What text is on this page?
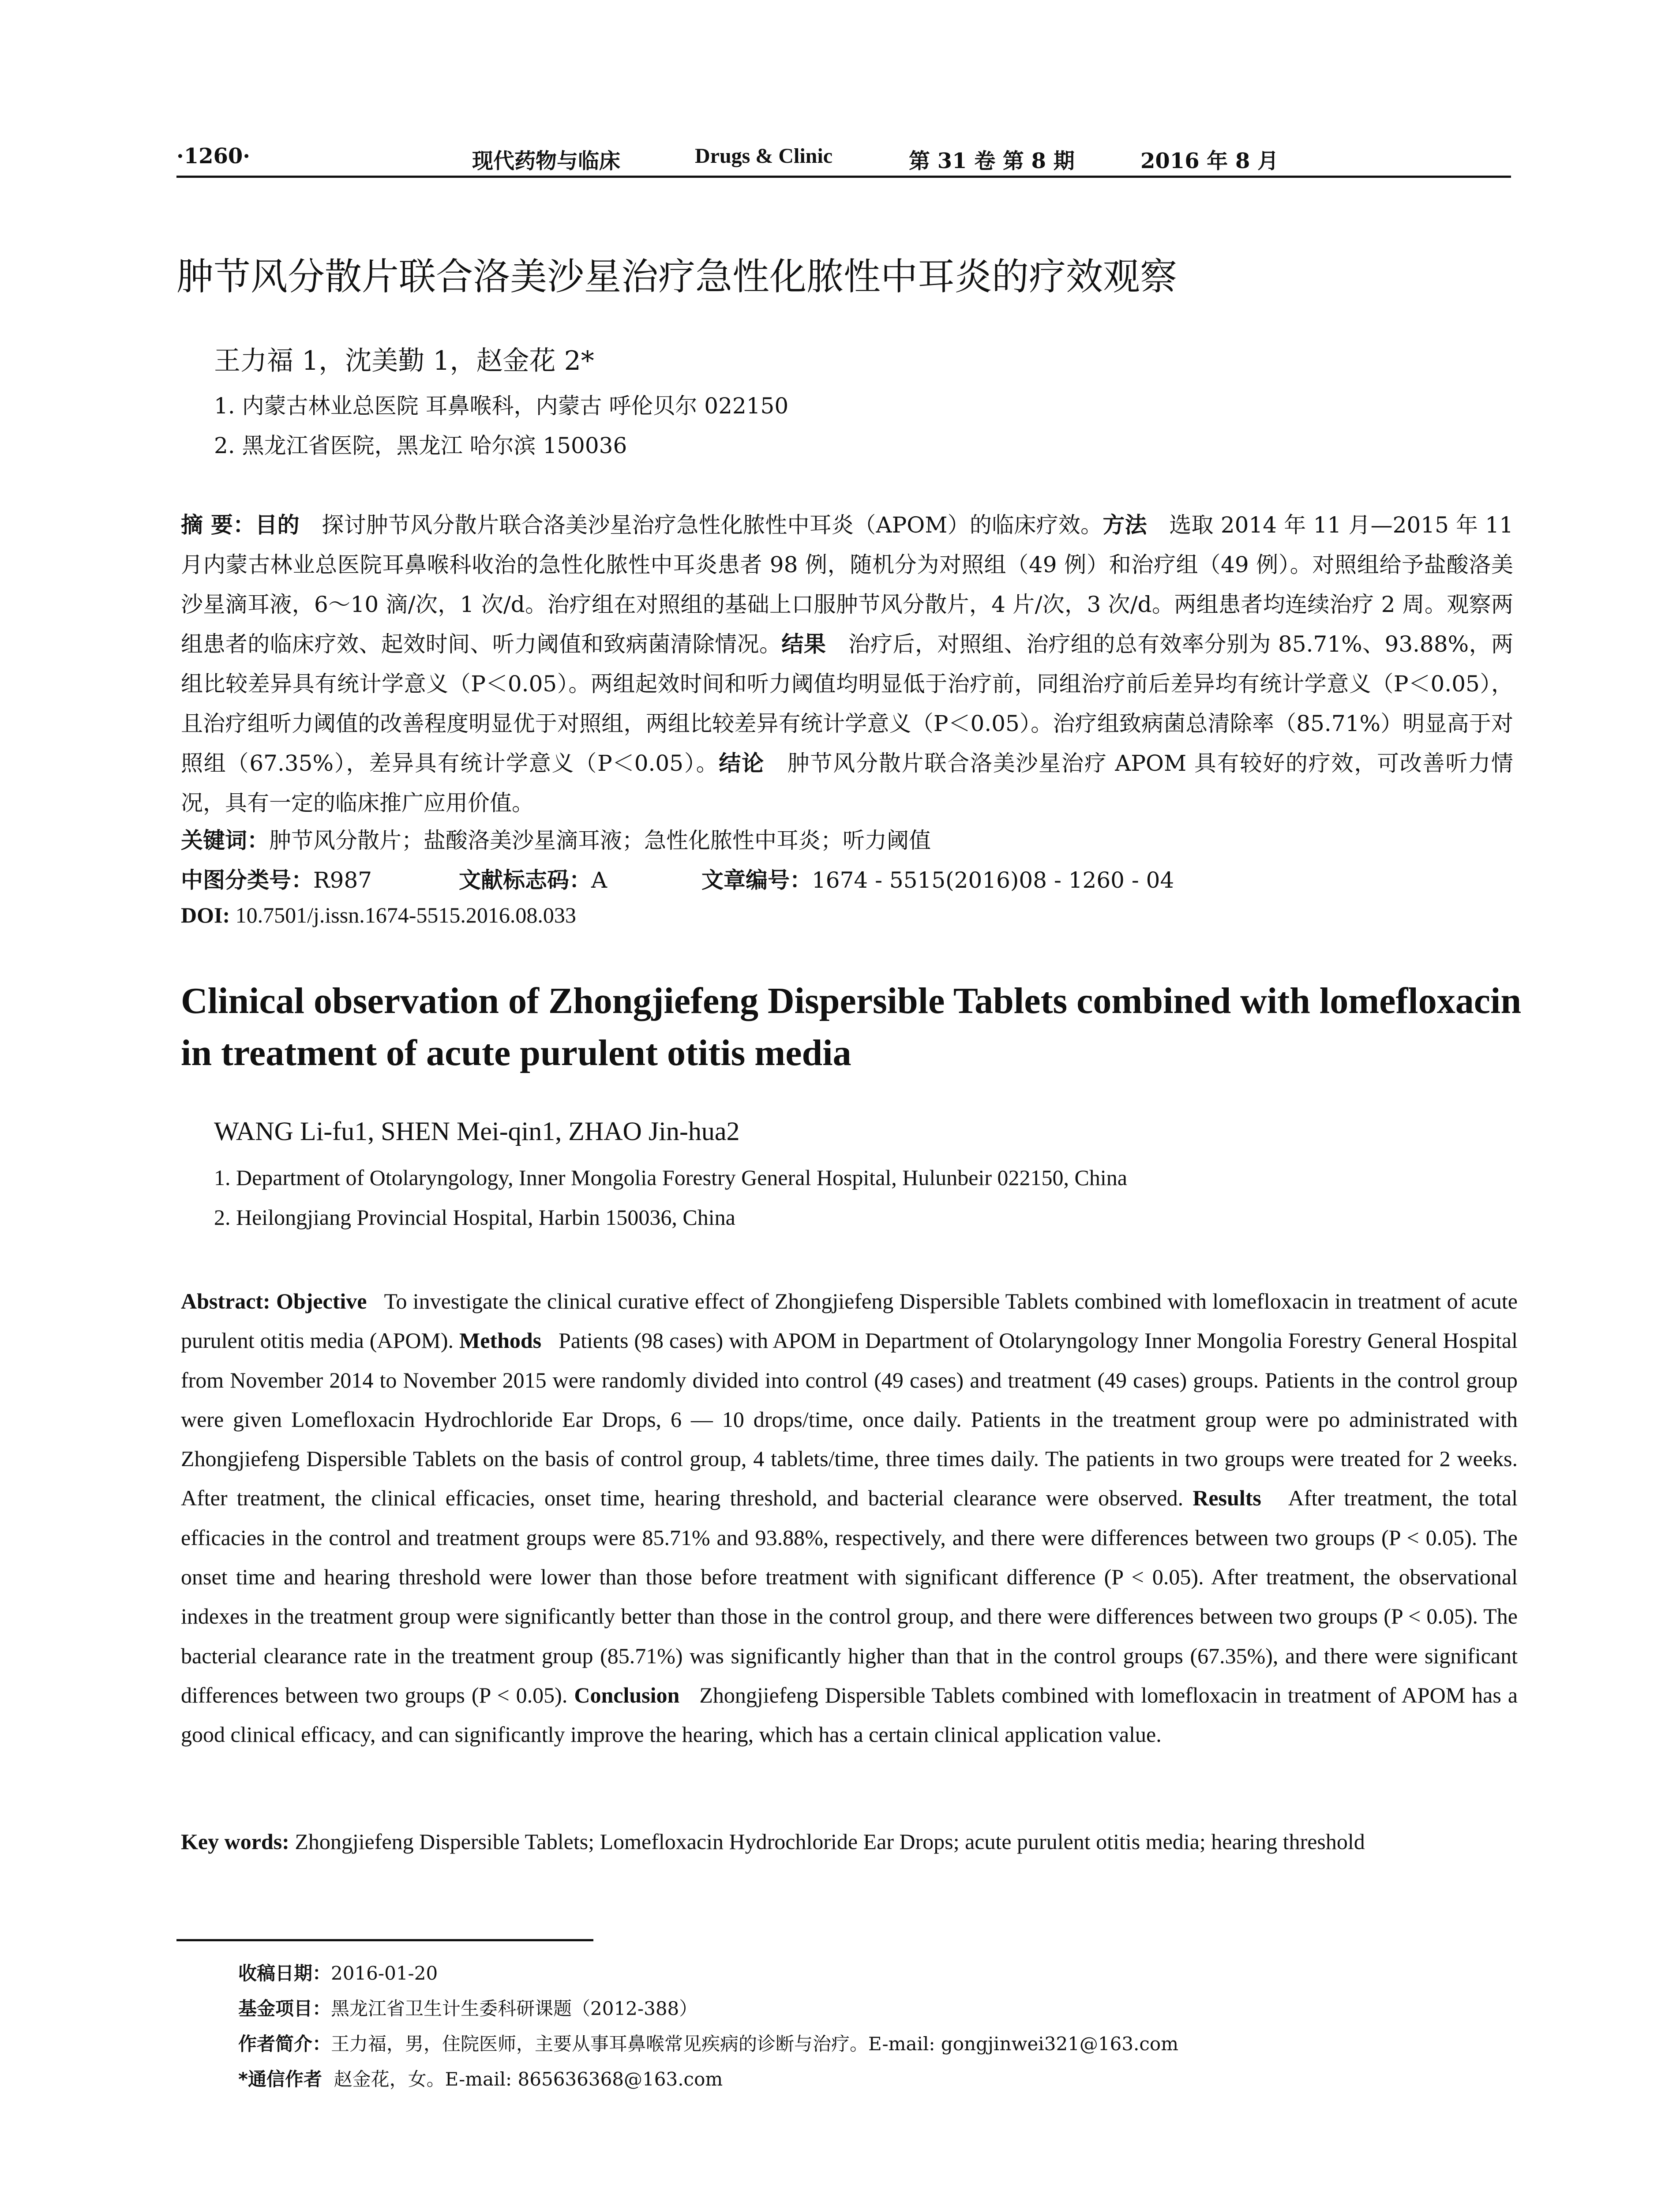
·1260·	现代药物与临床	Drugs & Clinic	第 31 卷 第 8 期	2016 年 8 月
肿节风分散片联合洛美沙星治疗急性化脓性中耳炎的疗效观察
王力福 1，沈美勤 1，赵金花 2*
1. 内蒙古林业总医院 耳鼻喉科，内蒙古 呼伦贝尔 022150
2. 黑龙江省医院，黑龙江 哈尔滨 150036
摘 要：目的　 探讨肿节风分散片联合洛美沙星治疗急性化脓性中耳炎（APOM）的临床疗效。方法　 选取 2014 年 11 月—2015 年 11 月内蒙古林业总医院耳鼻喉科收治的急性化脓性中耳炎患者 98 例，随机分为对照组（49 例）和治疗组（49 例）。对照组给予盐酸洛美沙星滴耳液，6～10 滴/次，1 次/d。治疗组在对照组的基础上口服肿节风分散片，4 片/次，3 次/d。两组患者均连续治疗 2 周。观察两组患者的临床疗效、起效时间、听力阈值和致病菌清除情况。结果　 治疗后，对照组、治疗组的总有效率分别为 85.71%、93.88%，两组比较差异具有统计学意义（P＜0.05）。两组起效时间和听力阈值均明显低于治疗前，同组治疗前后差异均有统计学意义（P＜0.05），且治疗组听力阈值的改善程度明显优于对照组，两组比较差异有统计学意义（P＜0.05）。治疗组致病菌总清除率（85.71%）明显高于对照组（67.35%），差异具有统计学意义（P＜0.05）。结论　 肿节风分散片联合洛美沙星治疗 APOM 具有较好的疗效，可改善听力情况，具有一定的临床推广应用价值。
关键词：肿节风分散片；盐酸洛美沙星滴耳液；急性化脓性中耳炎；听力阈值
中图分类号：R987	文献标志码：A	文章编号：1674 - 5515(2016)08 - 1260 - 04
DOI: 10.7501/j.issn.1674-5515.2016.08.033
Clinical observation of Zhongjiefeng Dispersible Tablets combined with lomefloxacin in treatment of acute purulent otitis media
WANG Li-fu1, SHEN Mei-qin1, ZHAO Jin-hua2
1. Department of Otolaryngology, Inner Mongolia Forestry General Hospital, Hulunbeir 022150, China
2. Heilongjiang Provincial Hospital, Harbin 150036, China
Abstract: Objective To investigate the clinical curative effect of Zhongjiefeng Dispersible Tablets combined with lomefloxacin in treatment of acute purulent otitis media (APOM). Methods Patients (98 cases) with APOM in Department of Otolaryngology Inner Mongolia Forestry General Hospital from November 2014 to November 2015 were randomly divided into control (49 cases) and treatment (49 cases) groups. Patients in the control group were given Lomefloxacin Hydrochloride Ear Drops, 6 — 10 drops/time, once daily. Patients in the treatment group were po administrated with Zhongjiefeng Dispersible Tablets on the basis of control group, 4 tablets/time, three times daily. The patients in two groups were treated for 2 weeks. After treatment, the clinical efficacies, onset time, hearing threshold, and bacterial clearance were observed. Results After treatment, the total efficacies in the control and treatment groups were 85.71% and 93.88%, respectively, and there were differences between two groups (P < 0.05). The onset time and hearing threshold were lower than those before treatment with significant difference (P < 0.05). After treatment, the observational indexes in the treatment group were significantly better than those in the control group, and there were differences between two groups (P < 0.05). The bacterial clearance rate in the treatment group (85.71%) was significantly higher than that in the control groups (67.35%), and there were significant differences between two groups (P < 0.05). Conclusion Zhongjiefeng Dispersible Tablets combined with lomefloxacin in treatment of APOM has a good clinical efficacy, and can significantly improve the hearing, which has a certain clinical application value.
Key words: Zhongjiefeng Dispersible Tablets; Lomefloxacin Hydrochloride Ear Drops; acute purulent otitis media; hearing threshold
收稿日期：2016-01-20
基金项目：黑龙江省卫生计生委科研课题（2012-388）
作者简介：王力福，男，住院医师，主要从事耳鼻喉常见疾病的诊断与治疗。E-mail: gongjinwei321@163.com
*通信作者 赵金花，女。E-mail: 865636368@163.com
